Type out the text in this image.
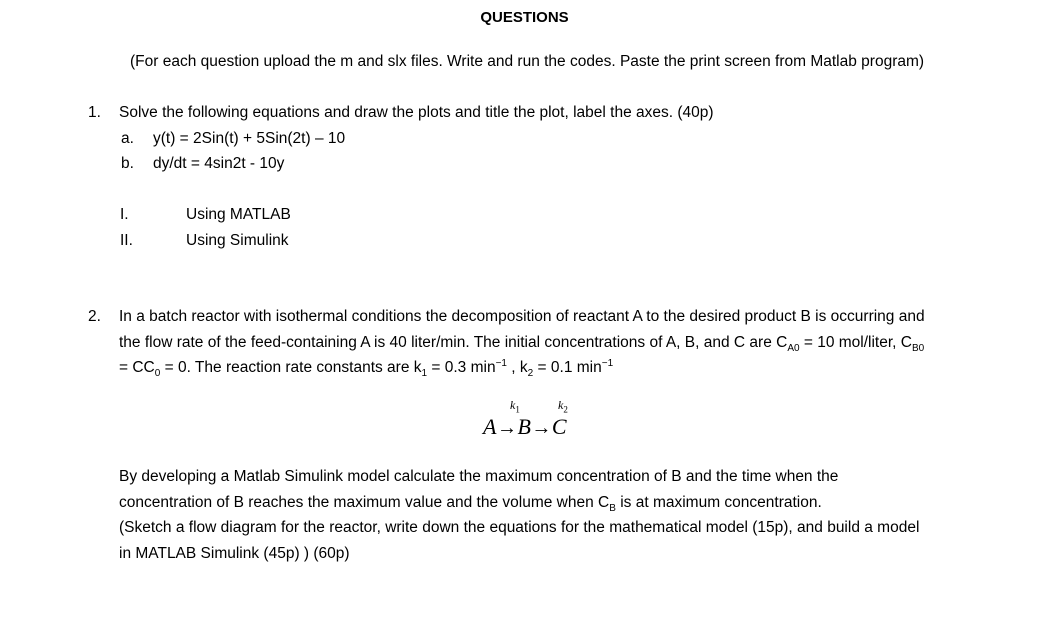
QUESTIONS
(For each question upload the m and slx files. Write and run the codes. Paste the print screen from Matlab program)
1. Solve the following equations and draw the plots and title the plot, label the axes. (40p)
a. y(t) = 2Sin(t) + 5Sin(2t) – 10
b. dy/dt = 4sin2t - 10y
I.	Using MATLAB
II.	Using Simulink
2. In a batch reactor with isothermal conditions the decomposition of reactant A to the desired product B is occurring and
the flow rate of the feed-containing A is 40 liter/min. The initial concentrations of A, B, and C are $C_{A0} = 10$ mol/liter, $C_{B0}$
= $CC_0 = 0$. The reaction rate constants are $k_1 = 0.3$ $\min^{-1}$ , $k_2 = 0.1$ $\min^{-1}$
$k_1$	$k_2$
A→B→C
By developing a Matlab Simulink model calculate the maximum concentration of B and the time when the
concentration of B reaches the maximum value and the volume when $C_B$ is at maximum concentration.
(Sketch a flow diagram for the reactor, write down the equations for the mathematical model (15p), and build a model
in MATLAB Simulink (45p) ) (60p)
